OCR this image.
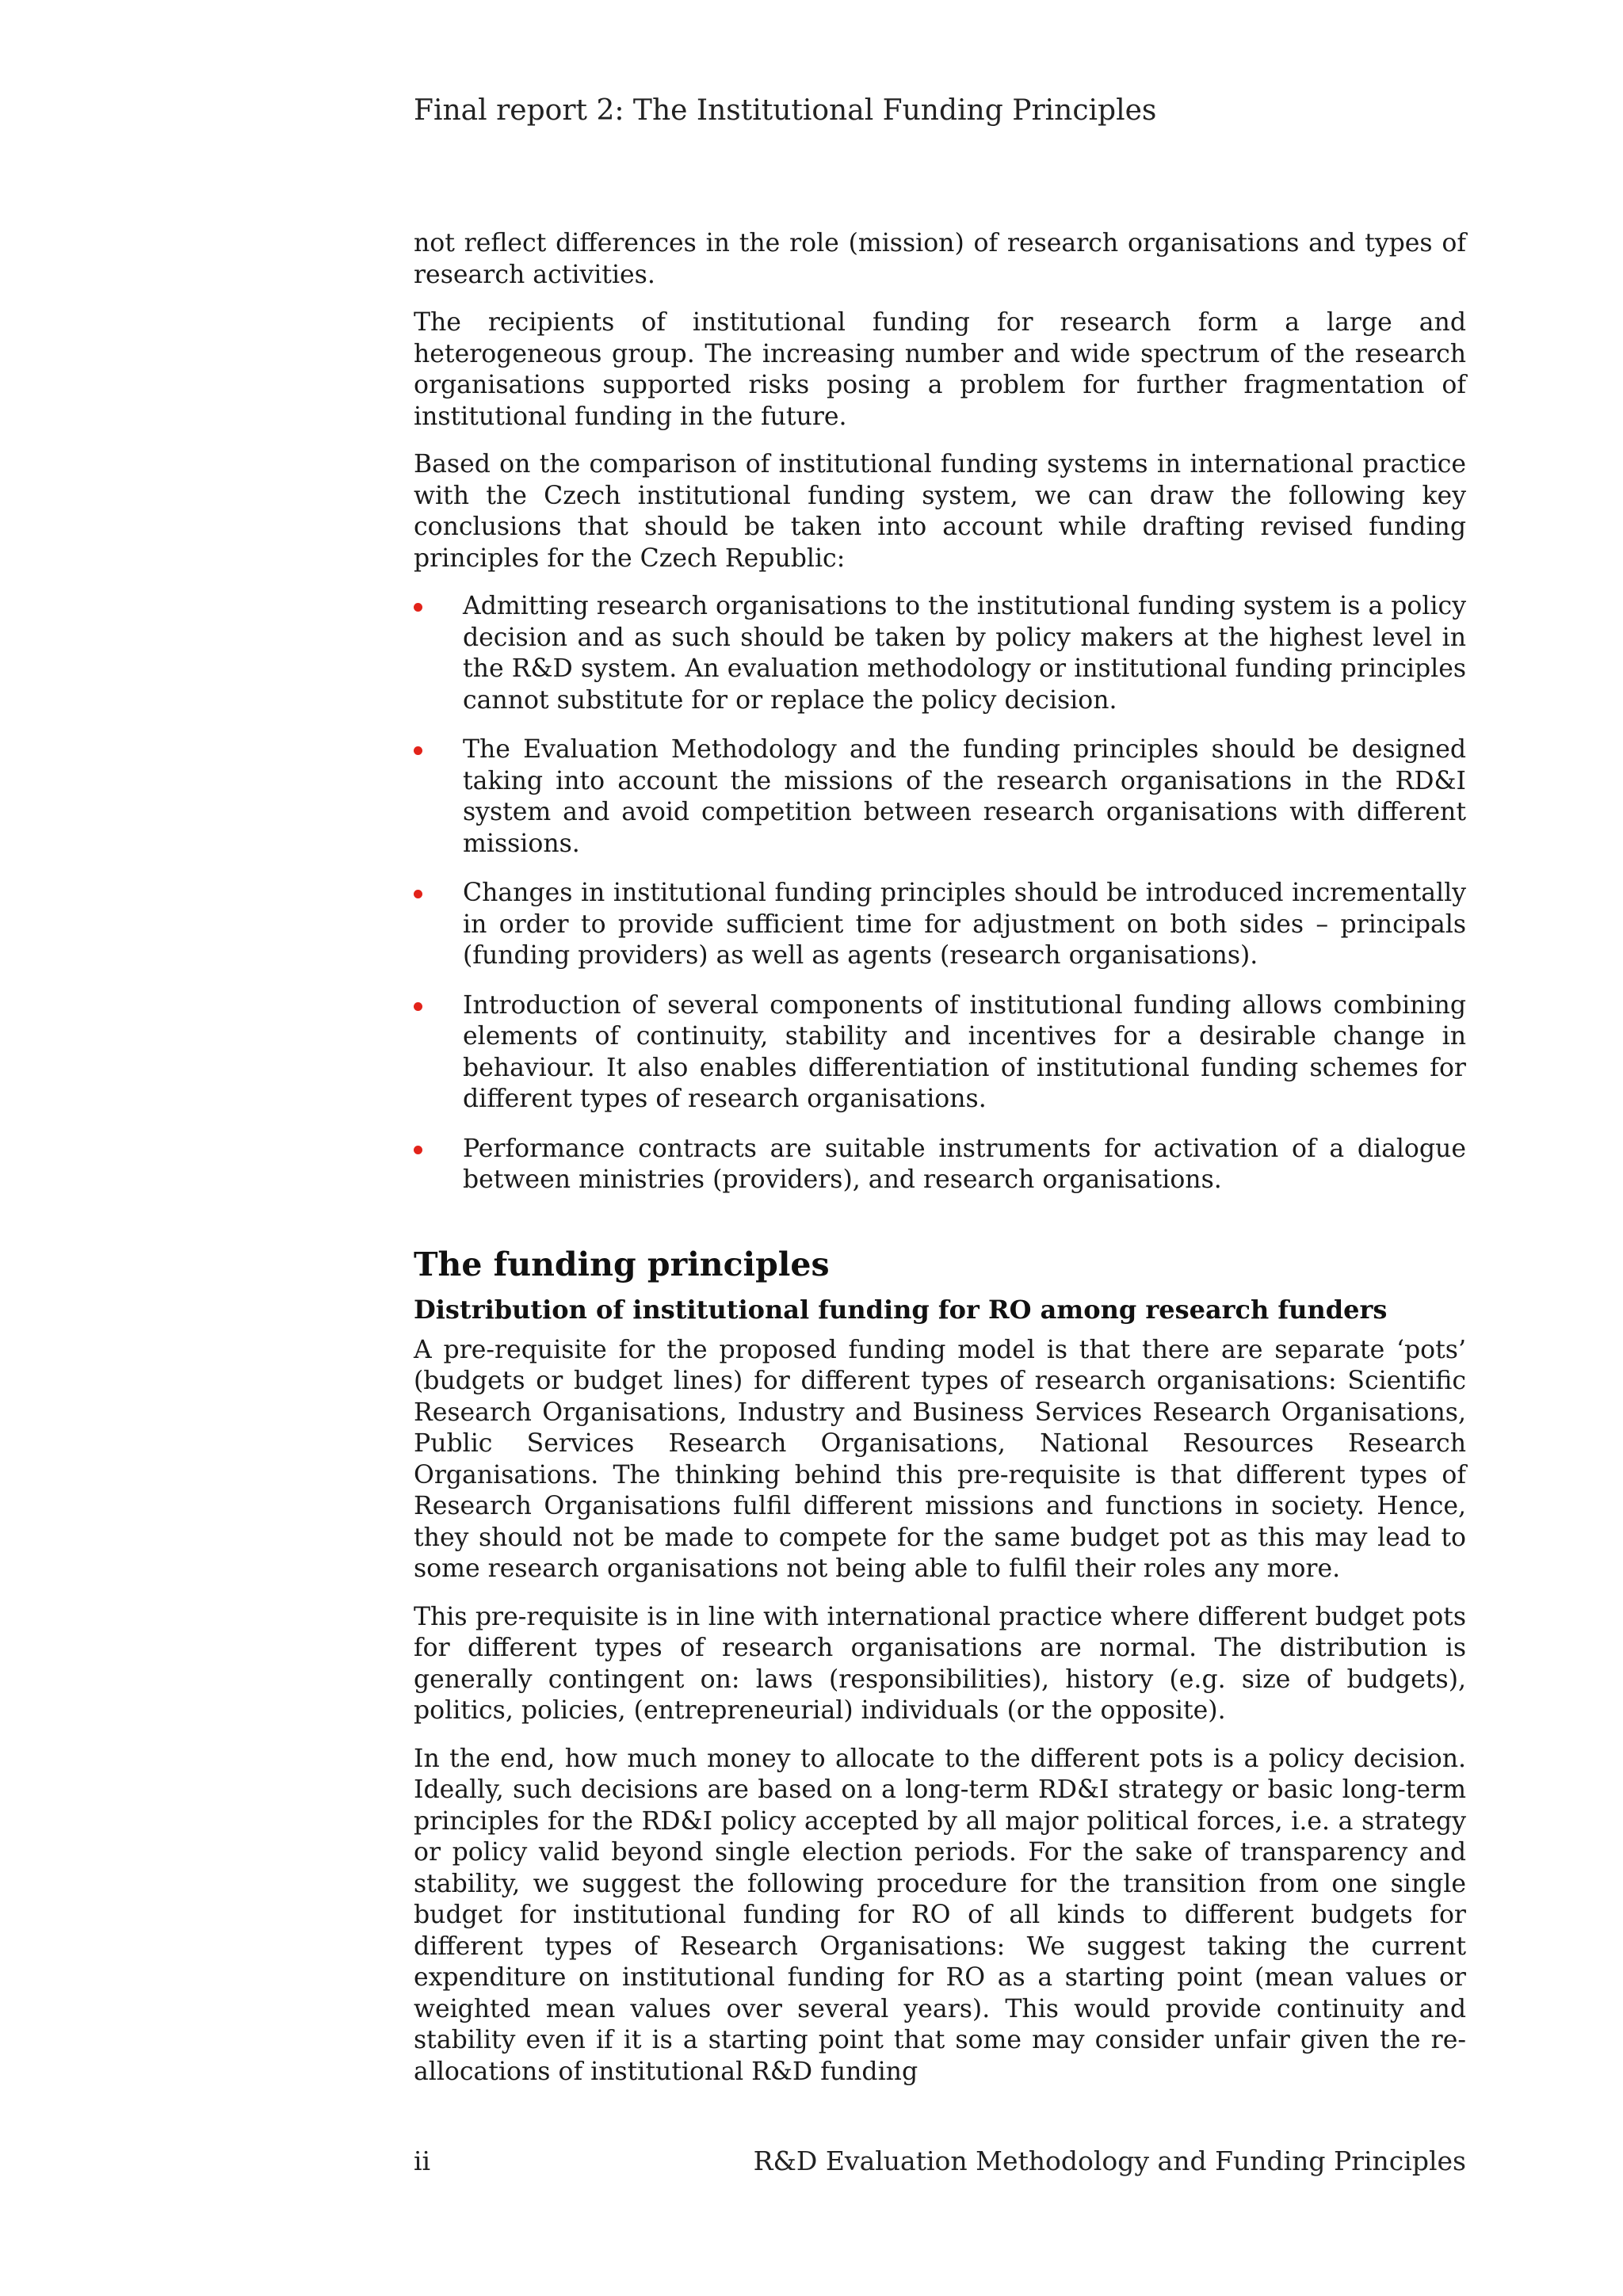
Final report 2: The Institutional Funding Principles

not reflect differences in the role (mission) of research organisations and types of research activities.

The recipients of institutional funding for research form a large and heterogeneous group. The increasing number and wide spectrum of the research organisations supported risks posing a problem for further fragmentation of institutional funding in the future.

Based on the comparison of institutional funding systems in international practice with the Czech institutional funding system, we can draw the following key conclusions that should be taken into account while drafting revised funding principles for the Czech Republic:

Admitting research organisations to the institutional funding system is a policy decision and as such should be taken by policy makers at the highest level in the R&D system. An evaluation methodology or institutional funding principles cannot substitute for or replace the policy decision.
The Evaluation Methodology and the funding principles should be designed taking into account the missions of the research organisations in the RD&I system and avoid competition between research organisations with different missions.
Changes in institutional funding principles should be introduced incrementally in order to provide sufficient time for adjustment on both sides – principals (funding providers) as well as agents (research organisations).
Introduction of several components of institutional funding allows combining elements of continuity, stability and incentives for a desirable change in behaviour. It also enables differentiation of institutional funding schemes for different types of research organisations.
Performance contracts are suitable instruments for activation of a dialogue between ministries (providers), and research organisations.
The funding principles
Distribution of institutional funding for RO among research funders

A pre-requisite for the proposed funding model is that there are separate ‘pots’ (budgets or budget lines) for different types of research organisations: Scientific Research Organisations, Industry and Business Services Research Organisations, Public Services Research Organisations, National Resources Research Organisations. The thinking behind this pre-requisite is that different types of Research Organisations fulfil different missions and functions in society. Hence, they should not be made to compete for the same budget pot as this may lead to some research organisations not being able to fulfil their roles any more.

This pre-requisite is in line with international practice where different budget pots for different types of research organisations are normal. The distribution is generally contingent on: laws (responsibilities), history (e.g. size of budgets), politics, policies, (entrepreneurial) individuals (or the opposite).

In the end, how much money to allocate to the different pots is a policy decision. Ideally, such decisions are based on a long-term RD&I strategy or basic long-term principles for the RD&I policy accepted by all major political forces, i.e. a strategy or policy valid beyond single election periods. For the sake of transparency and stability, we suggest the following procedure for the transition from one single budget for institutional funding for RO of all kinds to different budgets for different types of Research Organisations: We suggest taking the current expenditure on institutional funding for RO as a starting point (mean values or weighted mean values over several years). This would provide continuity and stability even if it is a starting point that some may consider unfair given the re-allocations of institutional R&D funding

ii	R&D Evaluation Methodology and Funding Principles
